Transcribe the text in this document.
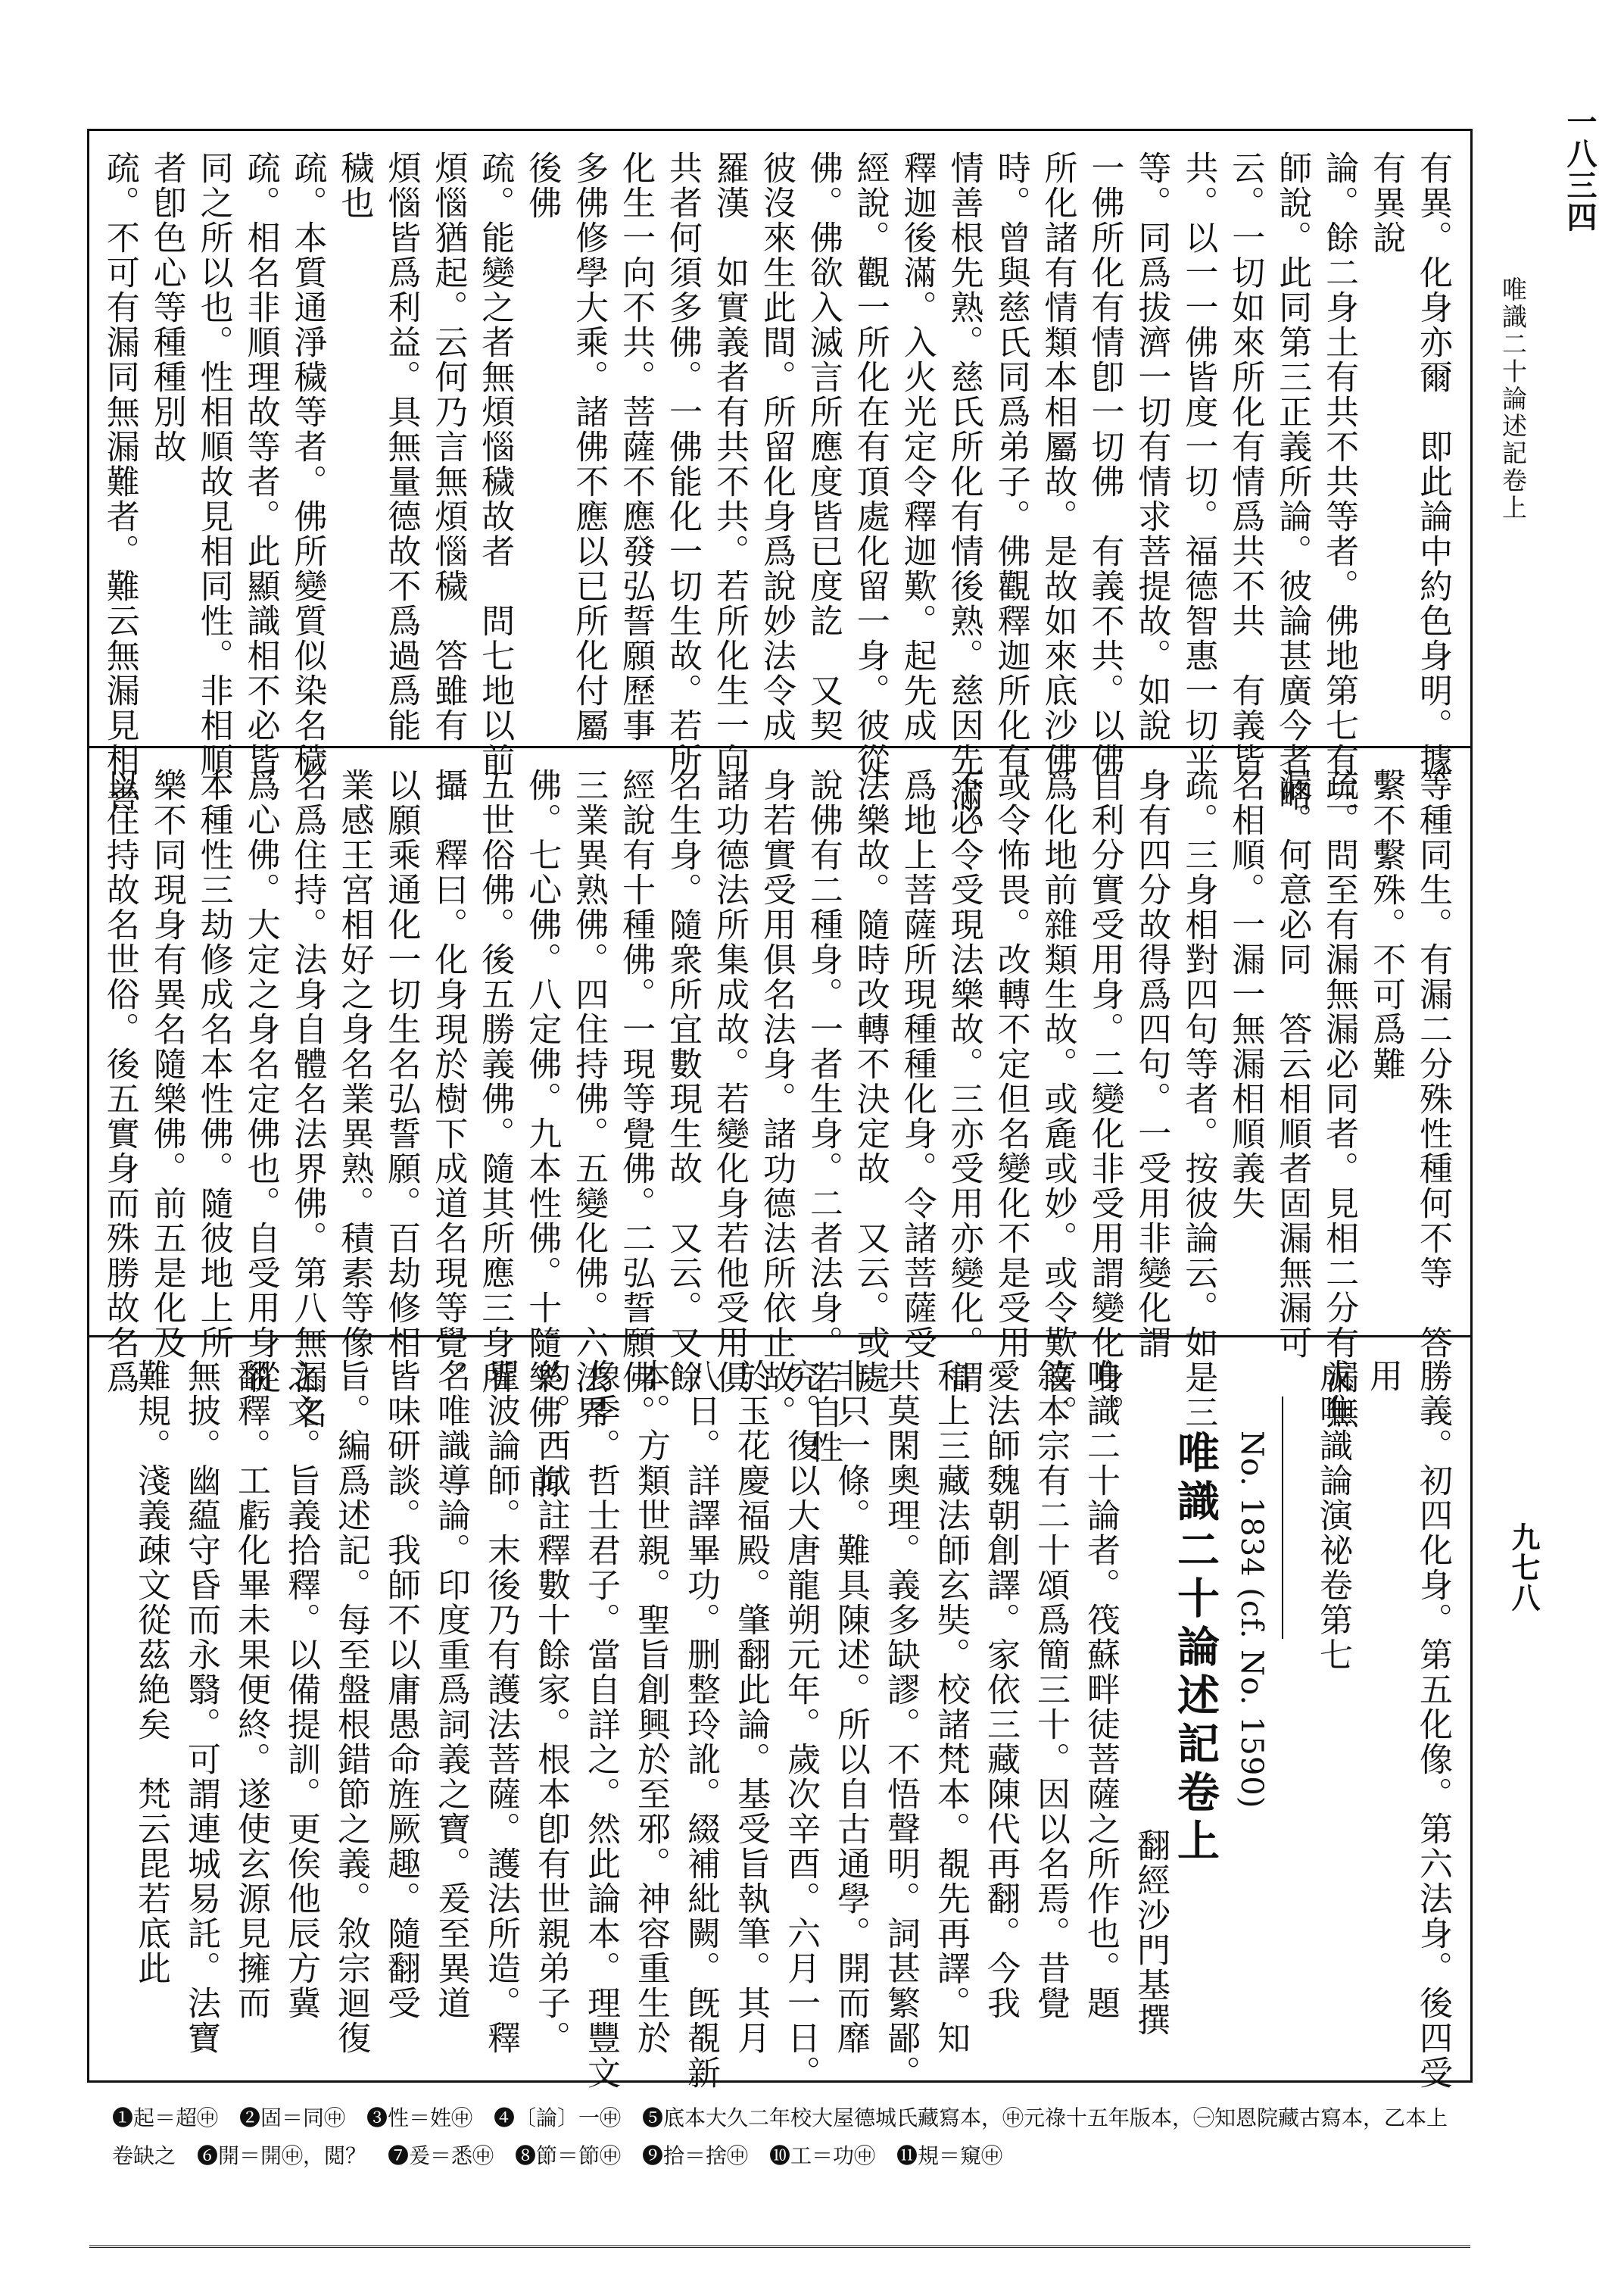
一八三四
唯識二十論述記卷上
有異。化身亦爾　即此論中約色身明。據
有異說
論。餘二身土有共不共等者。佛地第七有三
師說。此同第三正義所論。彼論甚廣今者略
云。一切如來所化有情爲共不共　有義皆
共。以一一佛皆度一切。福德智惠一切平
等。同爲拔濟一切有情求菩提故。如說
一佛所化有情卽一切佛　有義不共。以佛
所化諸有情類本相屬故。是故如來底沙佛
時。曾與慈氏同爲弟子。佛觀釋迦所化有
情善根先熟。慈氏所化有情後熟。慈因先滿。
釋迦後滿。入火光定令釋迦歎。起先成
經說。觀一所化在有頂處化留一身。彼從
佛。佛欲入滅言所應度皆已度訖　又契
彼沒來生此間。所留化身爲說妙法令成
羅漢　如實義者有共不共。若所化生一向
共者何須多佛。一佛能化一切生故。若所
化生一向不共。菩薩不應發弘誓願歷事
多佛修學大乘。諸佛不應以已所化付屬
後佛
疏。能變之者無煩惱穢故者　問七地以前
煩惱猶起。云何乃言無煩惱穢　答雖有
煩惱皆爲利益。具無量德故不爲過爲能
穢也
疏。本質通淨穢等者。佛所變質似染名穢
疏。相名非順理故等者。此顯識相不必皆
同之所以也。性相順故見相同性。非相順
者卽色心等種種別故
疏。不可有漏同無漏難者。難云無漏見相善
等種同生。有漏二分殊性種何不等　答
繫不繫殊。不可爲難
疏。問至有漏無漏必同者。見相二分有漏無
漏。何意必同　答云相順者固漏無漏可
名相順。一漏一無漏相順義失
疏。三身相對四句等者。按彼論云。如是三
身有四分故得爲四句。一受用非變化謂
自利分實受用身。二變化非受用謂變化身。
爲化地前雜類生故。或麁或妙。或令歎喜。
或令怖畏。改轉不定但名變化不是受用
不必令受現法樂故。三亦受用亦變化。謂
爲地上菩薩所現種種化身。令諸菩薩受
法樂故。隨時改轉不決定故　又云。或處
說佛有二種身。一者生身。二者法身。若自性
身若實受用俱名法身。諸功德法所依止故。
諸功德法所集成故。若變化身若他受用俱
名生身。隨衆所宜數現生故　又云。又餘
經說有十種佛。一現等覺佛。二弘誓願佛。
三業異熟佛。四住持佛。五變化佛。六法界
佛。七心佛。八定佛。九本性佛。十隨樂佛。前
五世俗佛。後五勝義佛。隨其所應三身所
攝　釋曰。化身現於樹下成道名現等覺。
以願乘通化一切生名弘誓願。百劫修相
業感王宮相好之身名業異熟。積素等像
名爲住持。法身自體名法界佛。第八無漏名
爲心佛。大定之身名定佛也。自受用身從
本種性三劫修成名本性佛。隨彼地上所
樂不同現身有異名隨樂佛。前五是化及
以住持故名世俗。後五實身而殊勝故名爲
勝義。初四化身。第五化像。第六法身。後四受
用
成唯識論演祕卷第七
No. 1834 (cf. No. 1590)
唯識二十論述記卷上
翻經沙門基撰
唯識二十論者。筏蘇畔徒菩薩之所作也。題
敘本宗有二十頌爲簡三十。因以名焉。昔覺
愛法師魏朝創譯。家依三藏陳代再翻。今我
和上三藏法師玄奘。校諸梵本。覩先再譯。知
共莫閑奧理。義多缺謬。不悟聲明。詞甚繁鄙。
非只一條。難具陳述。所以自古通學。開而靡
究。復以大唐龍朔元年。歲次辛酉。六月一日。
於玉花慶福殿。肇翻此論。基受旨執筆。其月
八日。詳譯畢功。删整玲訛。綴補紕闕。旣覩新
本。方類世親。聖旨創興於至邪。神容重生於
像季。哲士君子。當自詳之。然此論本。理豐文
約。西域註釋數十餘家。根本卽有世親弟子。
瞿波論師。末後乃有護法菩薩。護法所造。釋
名唯識導論。印度重爲詞義之寶。爰至異道
皆味研談。我師不以庸愚命旌厥趣。隨翻受
旨。編爲述記。每至盤根錯節之義。敘宗迴復
之文。旨義拾釋。以備提訓。更俟他辰方冀
翻釋。工虧化畢未果便終。遂使玄源見擁而
無披。幽藴守昏而永翳。可謂連城易託。法寶
難規。淺義疎文從茲絶矣　梵云毘若底此	九七八
❶起＝超㊥　❷固＝同㊥　❸性＝姓㊥　❹〔論〕一㊥　❺底本大久二年校大屋德城氏藏寫本，㊥元祿十五年版本，㊀知恩院藏古寫本，乙本上
卷缺之　❻開＝開㊥，閲？　❼爰＝悉㊥　❽節＝節㊥　❾拾＝捨㊥　❿工＝功㊥　⓫規＝窺㊥
